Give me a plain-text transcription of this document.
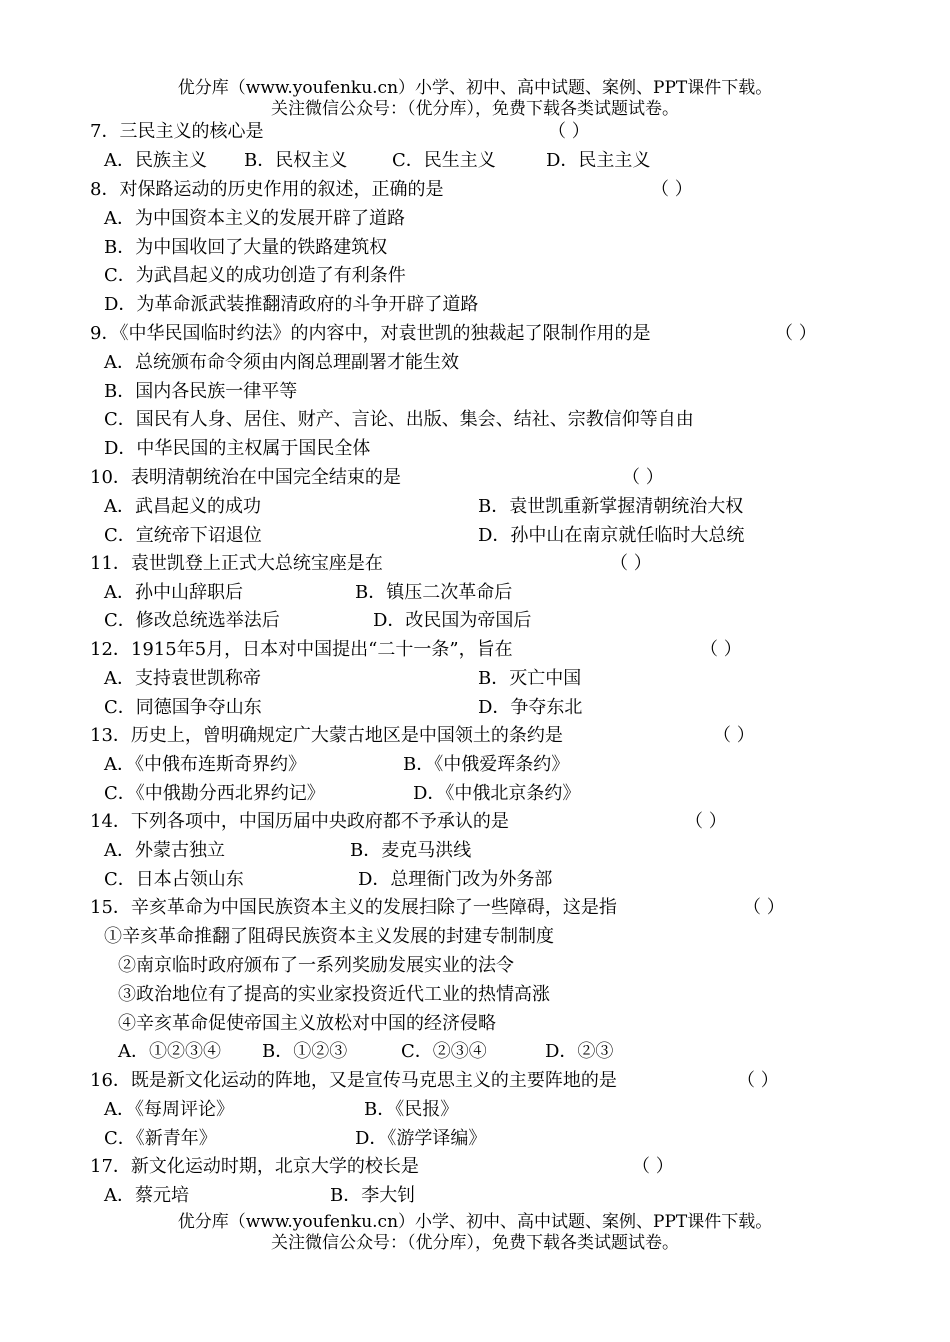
优分库（www.youfenku.cn）小学、初中、高中试题、案例、PPT课件下载。
关注微信公众号：（优分库），免费下载各类试题试卷。
7．三民主义的核心是	（ ）
A．民族主义 B．民权主义 C．民生主义	D．民主主义
8．对保路运动的历史作用的叙述，正确的是	（ ）
A．为中国资本主义的发展开辟了道路
B．为中国收回了大量的铁路建筑权
C．为武昌起义的成功创造了有利条件
D．为革命派武装推翻清政府的斗争开辟了道路
9．《中华民国临时约法》的内容中，对袁世凯的独裁起了限制作用的是	（ ）
A．总统颁布命令须由内阁总理副署才能生效
B．国内各民族一律平等
C．国民有人身、居住、财产、言论、出版、集会、结社、宗教信仰等自由
D．中华民国的主权属于国民全体
10．表明清朝统治在中国完全结束的是	（ ）
A．武昌起义的成功	B．袁世凯重新掌握清朝统治大权
C．宣统帝下诏退位	D．孙中山在南京就任临时大总统
11．袁世凯登上正式大总统宝座是在	（ ）
A．孙中山辞职后	B．镇压二次革命后
C．修改总统选举法后	D．改民国为帝国后
12．1915年5月，日本对中国提出“二十一条”，旨在	（ ）
A．支持袁世凯称帝	B．灭亡中国
C．同德国争夺山东	D．争夺东北
13．历史上，曾明确规定广大蒙古地区是中国领土的条约是	（ ）
A．《中俄布连斯奇界约》	B．《中俄爱珲条约》
C．《中俄勘分西北界约记》	D．《中俄北京条约》
14．下列各项中，中国历届中央政府都不予承认的是	（ ）
A．外蒙古独立	B．麦克马洪线
C．日本占领山东	D．总理衙门改为外务部
15．辛亥革命为中国民族资本主义的发展扫除了一些障碍，这是指	（ ）
①辛亥革命推翻了阻碍民族资本主义发展的封建专制制度
②南京临时政府颁布了一系列奖励发展实业的法令
③政治地位有了提高的实业家投资近代工业的热情高涨
④辛亥革命促使帝国主义放松对中国的经济侵略
A．①②③④ B．①②③	C．②③④	D．②③
16．既是新文化运动的阵地，又是宣传马克思主义的主要阵地的是	（ ）
A．《每周评论》	B．《民报》
C．《新青年》	D．《游学译编》
17．新文化运动时期，北京大学的校长是	（ ）
A．蔡元培	B．李大钊
优分库（www.youfenku.cn）小学、初中、高中试题、案例、PPT课件下载。
关注微信公众号：（优分库），免费下载各类试题试卷。
